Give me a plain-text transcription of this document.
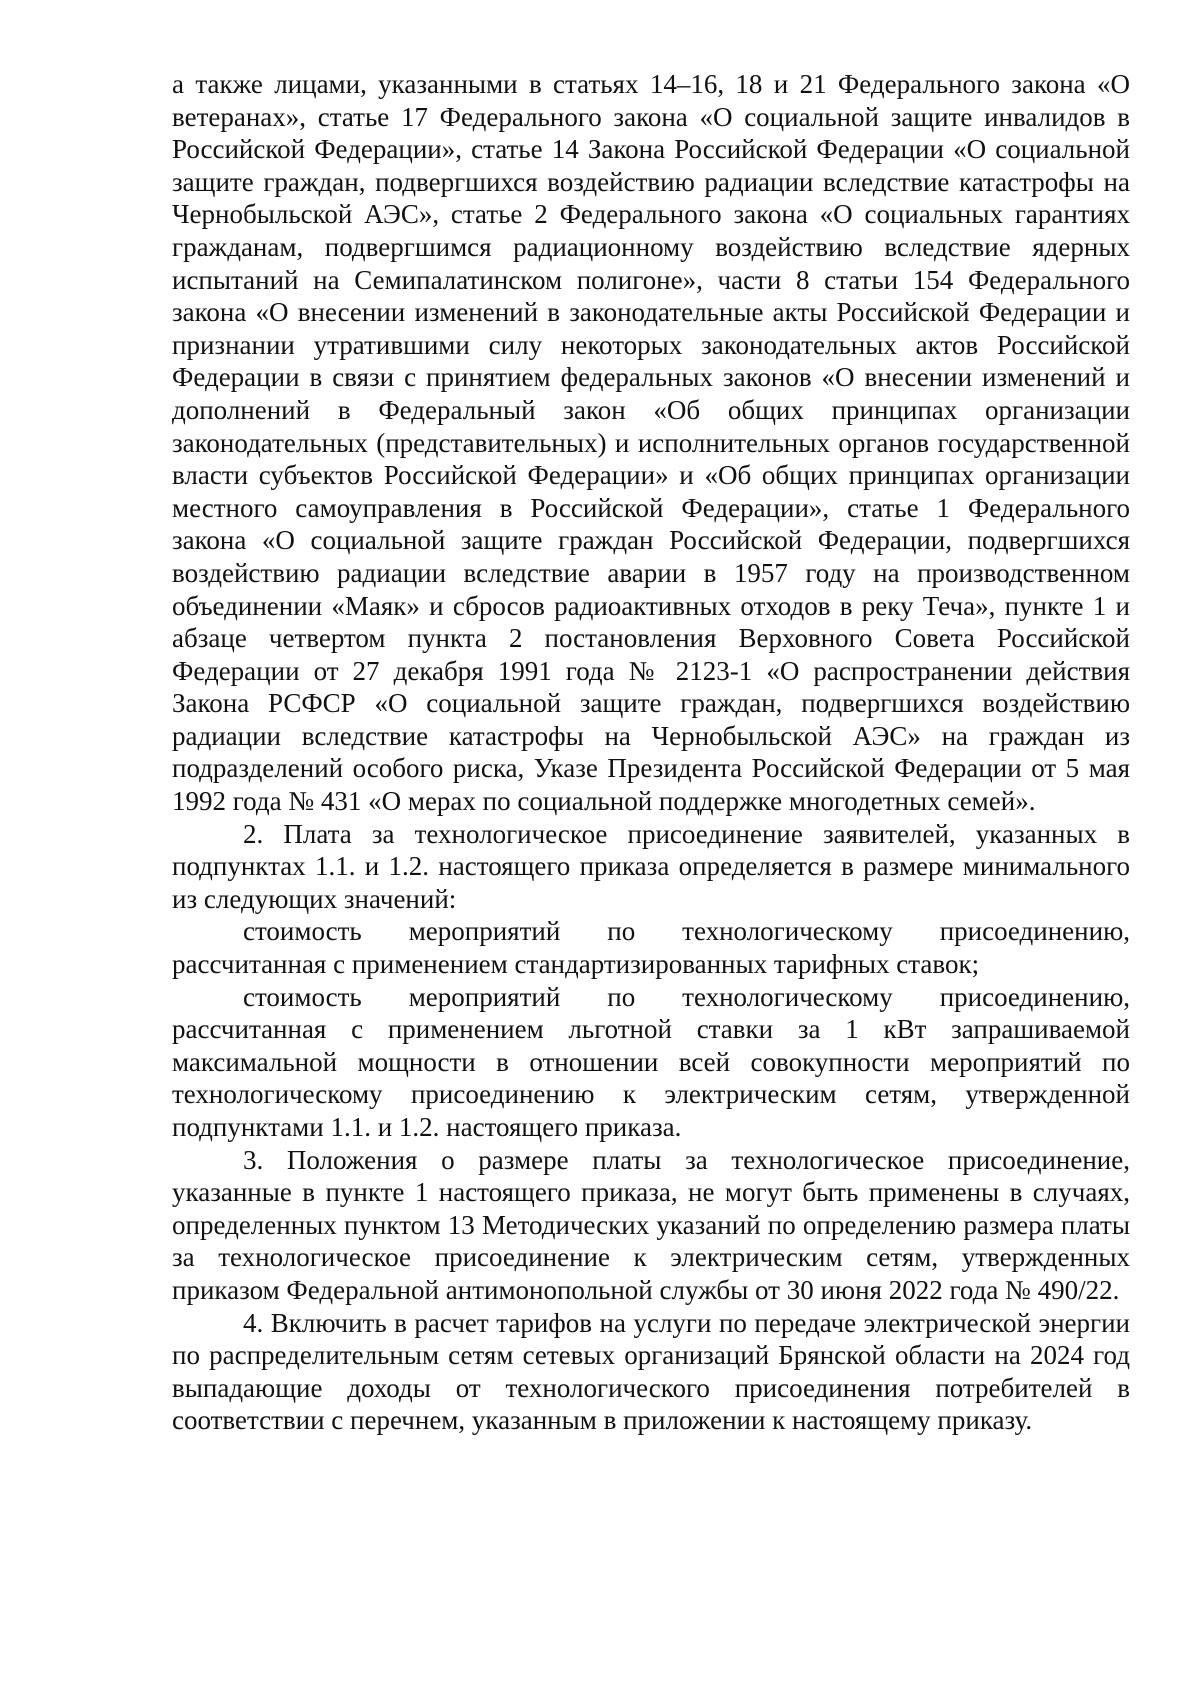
а также лицами, указанными в статьях 14–16, 18 и 21 Федерального закона «О ветеранах», статье 17 Федерального закона «О социальной защите инвалидов в Российской Федерации», статье 14 Закона Российской Федерации «О социальной защите граждан, подвергшихся воздействию радиации вследствие катастрофы на Чернобыльской АЭС», статье 2 Федерального закона «О социальных гарантиях гражданам, подвергшимся радиационному воздействию вследствие ядерных испытаний на Семипалатинском полигоне», части 8 статьи 154 Федерального закона «О внесении изменений в законодательные акты Российской Федерации и признании утратившими силу некоторых законодательных актов Российской Федерации в связи с принятием федеральных законов «О внесении изменений и дополнений в Федеральный закон «Об общих принципах организации законодательных (представительных) и исполнительных органов государственной власти субъектов Российской Федерации» и «Об общих принципах организации местного самоуправления в Российской Федерации», статье 1 Федерального закона «О социальной защите граждан Российской Федерации, подвергшихся воздействию радиации вследствие аварии в 1957 году на производственном объединении «Маяк» и сбросов радиоактивных отходов в реку Теча», пункте 1 и абзаце четвертом пункта 2 постановления Верховного Совета Российской Федерации от 27 декабря 1991 года № 2123-1 «О распространении действия Закона РСФСР «О социальной защите граждан, подвергшихся воздействию радиации вследствие катастрофы на Чернобыльской АЭС» на граждан из подразделений особого риска, Указе Президента Российской Федерации от 5 мая 1992 года № 431 «О мерах по социальной поддержке многодетных семей».

2. Плата за технологическое присоединение заявителей, указанных в подпунктах 1.1. и 1.2. настоящего приказа определяется в размере минимального из следующих значений:

стоимость мероприятий по технологическому присоединению, рассчитанная с применением стандартизированных тарифных ставок;

стоимость мероприятий по технологическому присоединению, рассчитанная с применением льготной ставки за 1 кВт запрашиваемой максимальной мощности в отношении всей совокупности мероприятий по технологическому присоединению к электрическим сетям, утвержденной подпунктами 1.1. и 1.2. настоящего приказа.

3. Положения о размере платы за технологическое присоединение, указанные в пункте 1 настоящего приказа, не могут быть применены в случаях, определенных пунктом 13 Методических указаний по определению размера платы за технологическое присоединение к электрическим сетям, утвержденных приказом Федеральной антимонопольной службы от 30 июня 2022 года № 490/22.

4. Включить в расчет тарифов на услуги по передаче электрической энергии по распределительным сетям сетевых организаций Брянской области на 2024 год выпадающие доходы от технологического присоединения потребителей в соответствии с перечнем, указанным в приложении к настоящему приказу.
